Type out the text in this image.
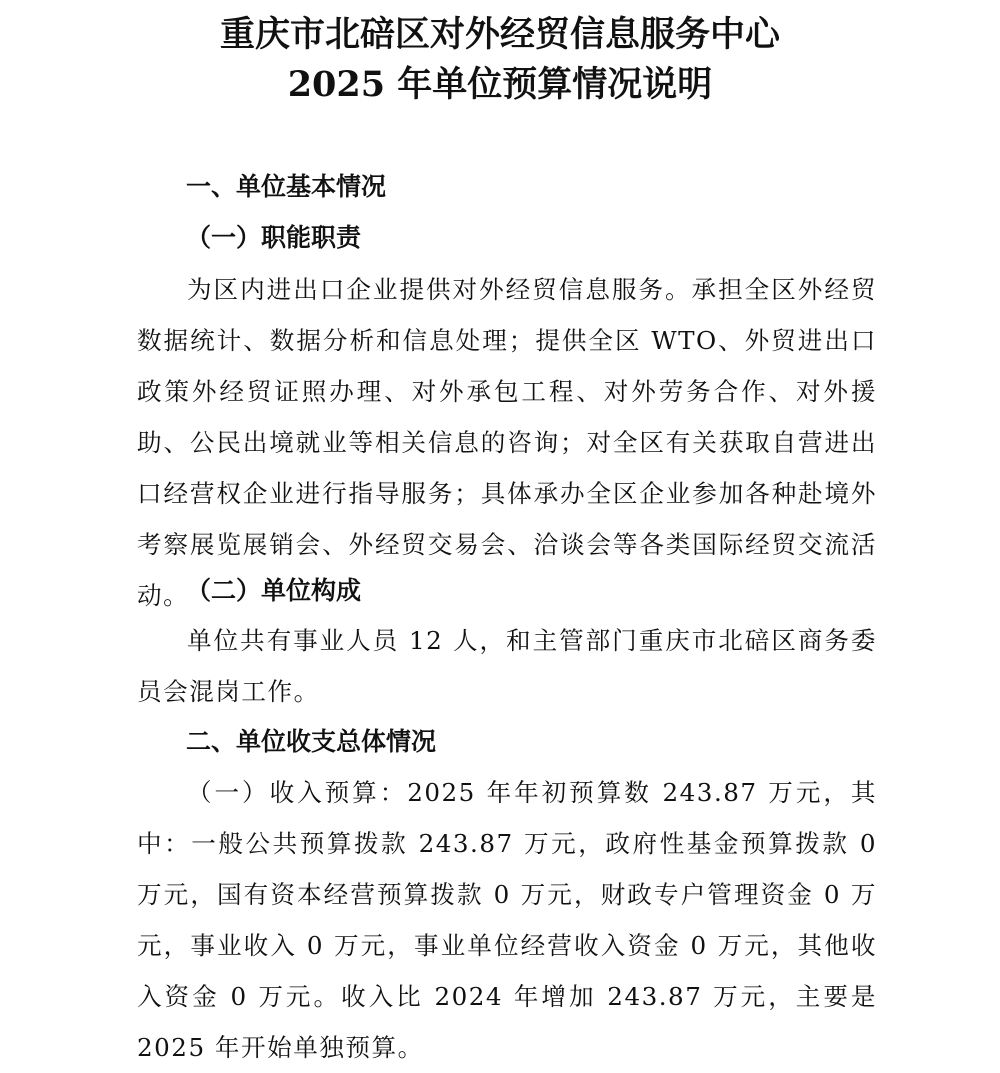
重庆市北碚区对外经贸信息服务中心
2025 年单位预算情况说明
一、单位基本情况
（一）职能职责

为区内进出口企业提供对外经贸信息服务。承担全区外经贸数据统计、数据分析和信息处理；提供全区 WTO、外贸进出口政策外经贸证照办理、对外承包工程、对外劳务合作、对外援助、公民出境就业等相关信息的咨询；对全区有关获取自营进出口经营权企业进行指导服务；具体承办全区企业参加各种赴境外考察展览展销会、外经贸交易会、洽谈会等各类国际经贸交流活动。

（二）单位构成

单位共有事业人员 12 人，和主管部门重庆市北碚区商务委员会混岗工作。

二、单位收支总体情况

（一）收入预算：2025 年年初预算数 243.87 万元，其中：一般公共预算拨款 243.87 万元，政府性基金预算拨款 0 万元，国有资本经营预算拨款 0 万元，财政专户管理资金 0 万元，事业收入 0 万元，事业单位经营收入资金 0 万元，其他收入资金 0 万元。收入比 2024 年增加 243.87 万元，主要是 2025 年开始单独预算。
